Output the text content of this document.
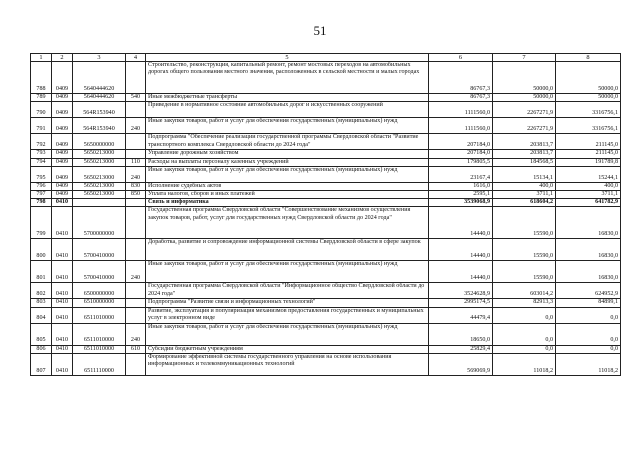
51
1	2	3	4	5	6	7	8
788	0409	5640444620		Строительство, реконструкция, капитальный ремонт, ремонт мостовых переходов на автомобильных дорогах общего пользования местного значения, расположенных в сельской местности и малых городах	86767,3	50000,0	50000,0
789	0409	5640444620	540	Иные межбюджетные трансферты	86767,3	50000,0	50000,0
790	0409	564R153940		Приведение в нормативное состояние автомобильных дорог и искусственных сооружений	1111560,0	2267271,9	3316756,1
791	0409	564R153940	240	Иные закупки товаров, работ и услуг для обеспечения государственных (муниципальных) нужд	1111560,0	2267271,9	3316756,1
792	0409	5650000000		Подпрограмма "Обеспечение реализации государственной программы Свердловской области "Развитие транспортного комплекса Свердловской области до 2024 года"	207184,0	203813,7	211145,0
793	0409	5650213000		Управление дорожным хозяйством	207184,0	203813,7	211145,0
794	0409	5650213000	110	Расходы на выплаты персоналу казенных учреждений	179805,5	184568,5	191789,8
795	0409	5650213000	240	Иные закупки товаров, работ и услуг для обеспечения государственных (муниципальных) нужд	23167,4	15134,1	15244,1
796	0409	5650213000	830	Исполнение судебных актов	1616,0	400,0	400,0
797	0409	5650213000	850	Уплата налогов, сборов и иных платежей	2595,1	3711,1	3711,1
798	0410			Связь и информатика	3539068,9	618604,2	641782,9
799	0410	5700000000		Государственная программа Свердловской области "Совершенствование механизмов осуществления закупок товаров, работ, услуг для государственных нужд Свердловской области до 2024 года"	14440,0	15590,0	16830,0
800	0410	5700410000		Доработка, развитие и сопровождение информационной системы Свердловской области в сфере закупок	14440,0	15590,0	16830,0
801	0410	5700410000	240	Иные закупки товаров, работ и услуг для обеспечения государственных (муниципальных) нужд	14440,0	15590,0	16830,0
802	0410	6500000000		Государственная программа Свердловской области "Информационное общество Свердловской области до 2024 года"	3524628,9	603014,2	624952,9
803	0410	6510000000		Подпрограмма "Развитие связи и информационных технологий"	2995174,5	82913,3	84899,1
804	0410	6511010000		Развитие, эксплуатация и популяризация механизмов предоставления государственных и муниципальных услуг в электронном виде	44479,4	0,0	0,0
805	0410	6511010000	240	Иные закупки товаров, работ и услуг для обеспечения государственных (муниципальных) нужд	18650,0	0,0	0,0
806	0410	6511010000	610	Субсидии бюджетным учреждениям	25829,4	0,0	0,0
807	0410	6511110000		Формирование эффективной системы государственного управления на основе использования информационных и телекоммуникационных технологий	569069,9	11018,2	11018,2
